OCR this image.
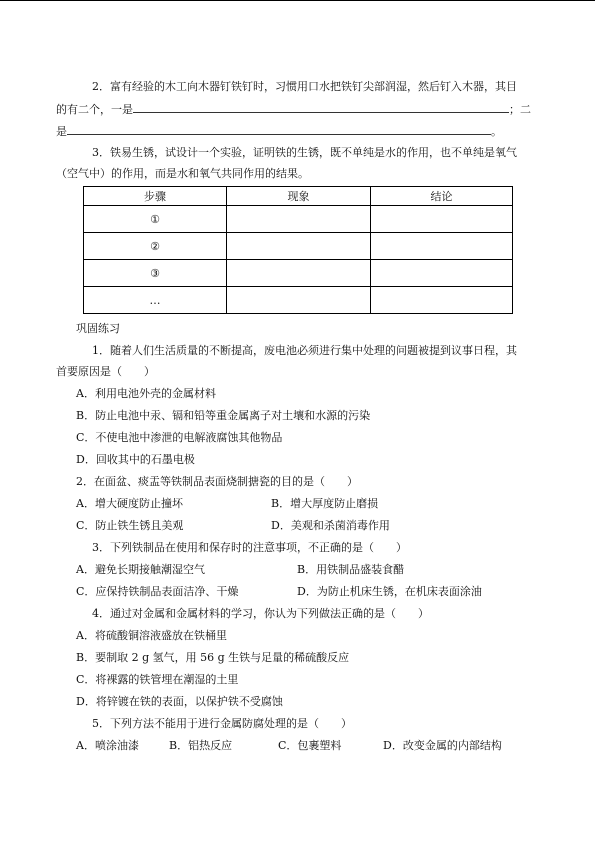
2．富有经验的木工向木器钉铁钉时，习惯用口水把铁钉尖部润湿，然后钉入木器，其目
的有二个，一是	；二
是	。
3．铁易生锈，试设计一个实验，证明铁的生锈，既不单纯是水的作用，也不单纯是氧气
（空气中）的作用，而是水和氧气共同作用的结果。
步骤	现象	结论
①		
②		
③		
…		
巩固练习
1．随着人们生活质量的不断提高，废电池必须进行集中处理的问题被提到议事日程，其
首要原因是（　　）
A．利用电池外壳的金属材料
B．防止电池中汞、镉和铅等重金属离子对土壤和水源的污染
C．不使电池中渗泄的电解液腐蚀其他物品
D．回收其中的石墨电极
2．在面盆、痰盂等铁制品表面烧制搪瓷的目的是（　　）
A．增大硬度防止撞坏	B．增大厚度防止磨损
C．防止铁生锈且美观	D．美观和杀菌消毒作用
3．下列铁制品在使用和保存时的注意事项，不正确的是（　　）
A．避免长期接触潮湿空气	B．用铁制品盛装食醋
C．应保持铁制品表面洁净、干燥	D．为防止机床生锈，在机床表面涂油
4．通过对金属和金属材料的学习，你认为下列做法正确的是（　　）
A．将硫酸铜溶液盛放在铁桶里
B．要制取 2 g 氢气，用 56 g 生铁与足量的稀硫酸反应
C．将裸露的铁管埋在潮湿的土里
D．将锌镀在铁的表面，以保护铁不受腐蚀
5．下列方法不能用于进行金属防腐处理的是（　　）
A．喷涂油漆	B．铝热反应	C．包裹塑料	D．改变金属的内部结构
